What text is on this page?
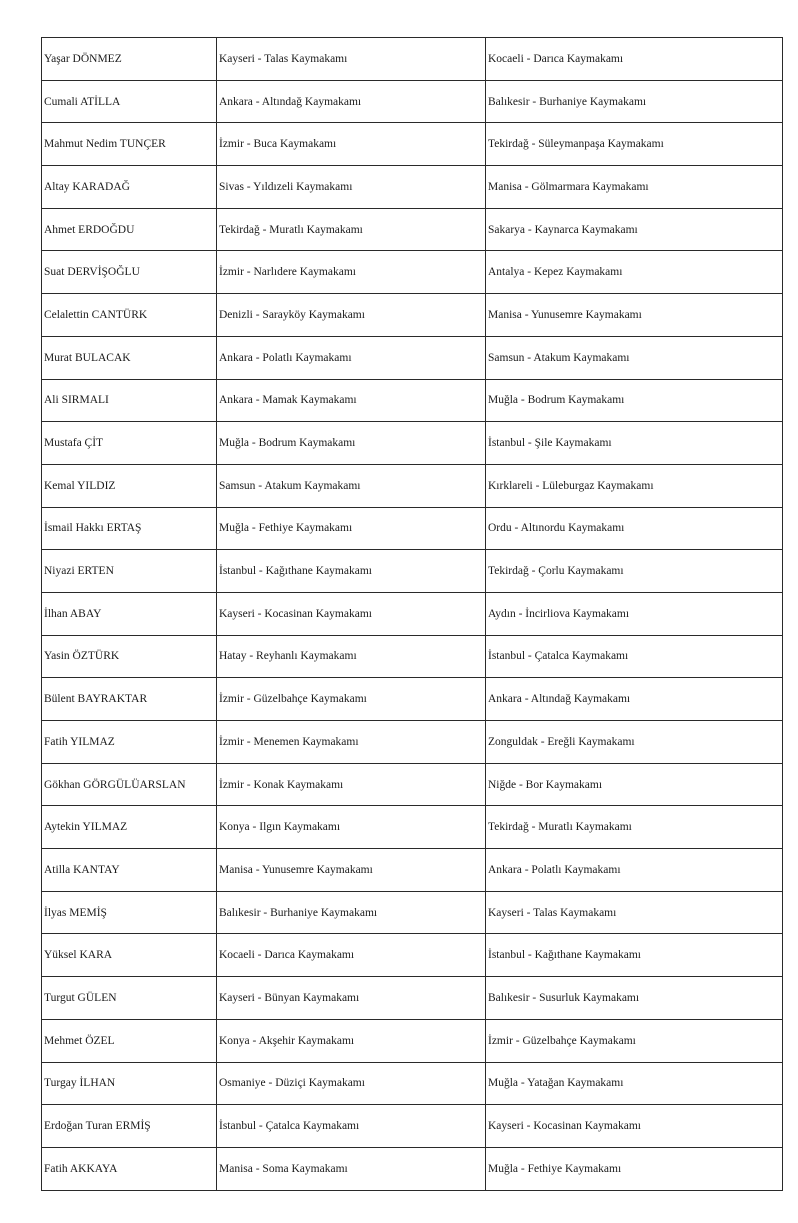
Yaşar DÖNMEZ	Kayseri - Talas Kaymakamı	Kocaeli - Darıca Kaymakamı
Cumali ATİLLA	Ankara - Altındağ Kaymakamı	Balıkesir - Burhaniye Kaymakamı
Mahmut Nedim TUNÇER	İzmir - Buca Kaymakamı	Tekirdağ - Süleymanpaşa Kaymakamı
Altay KARADAĞ	Sivas - Yıldızeli Kaymakamı	Manisa - Gölmarmara Kaymakamı
Ahmet ERDOĞDU	Tekirdağ - Muratlı Kaymakamı	Sakarya - Kaynarca Kaymakamı
Suat DERVİŞOĞLU	İzmir - Narlıdere Kaymakamı	Antalya - Kepez Kaymakamı
Celalettin CANTÜRK	Denizli - Sarayköy Kaymakamı	Manisa - Yunusemre Kaymakamı
Murat BULACAK	Ankara - Polatlı Kaymakamı	Samsun - Atakum Kaymakamı
Ali SIRMALI	Ankara - Mamak Kaymakamı	Muğla - Bodrum Kaymakamı
Mustafa ÇİT	Muğla - Bodrum Kaymakamı	İstanbul - Şile Kaymakamı
Kemal YILDIZ	Samsun - Atakum Kaymakamı	Kırklareli - Lüleburgaz Kaymakamı
İsmail Hakkı ERTAŞ	Muğla - Fethiye Kaymakamı	Ordu - Altınordu Kaymakamı
Niyazi ERTEN	İstanbul - Kağıthane Kaymakamı	Tekirdağ - Çorlu Kaymakamı
İlhan ABAY	Kayseri - Kocasinan Kaymakamı	Aydın - İncirliova Kaymakamı
Yasin ÖZTÜRK	Hatay - Reyhanlı Kaymakamı	İstanbul - Çatalca Kaymakamı
Bülent BAYRAKTAR	İzmir - Güzelbahçe Kaymakamı	Ankara - Altındağ Kaymakamı
Fatih YILMAZ	İzmir - Menemen Kaymakamı	Zonguldak - Ereğli Kaymakamı
Gökhan GÖRGÜLÜARSLAN	İzmir - Konak Kaymakamı	Niğde - Bor Kaymakamı
Aytekin YILMAZ	Konya - Ilgın Kaymakamı	Tekirdağ - Muratlı Kaymakamı
Atilla KANTAY	Manisa - Yunusemre Kaymakamı	Ankara - Polatlı Kaymakamı
İlyas MEMİŞ	Balıkesir - Burhaniye Kaymakamı	Kayseri - Talas Kaymakamı
Yüksel KARA	Kocaeli - Darıca Kaymakamı	İstanbul - Kağıthane Kaymakamı
Turgut GÜLEN	Kayseri - Bünyan Kaymakamı	Balıkesir - Susurluk Kaymakamı
Mehmet ÖZEL	Konya - Akşehir Kaymakamı	İzmir - Güzelbahçe Kaymakamı
Turgay İLHAN	Osmaniye - Düziçi Kaymakamı	Muğla - Yatağan Kaymakamı
Erdoğan Turan ERMİŞ	İstanbul - Çatalca Kaymakamı	Kayseri - Kocasinan Kaymakamı
Fatih AKKAYA	Manisa - Soma Kaymakamı	Muğla - Fethiye Kaymakamı
